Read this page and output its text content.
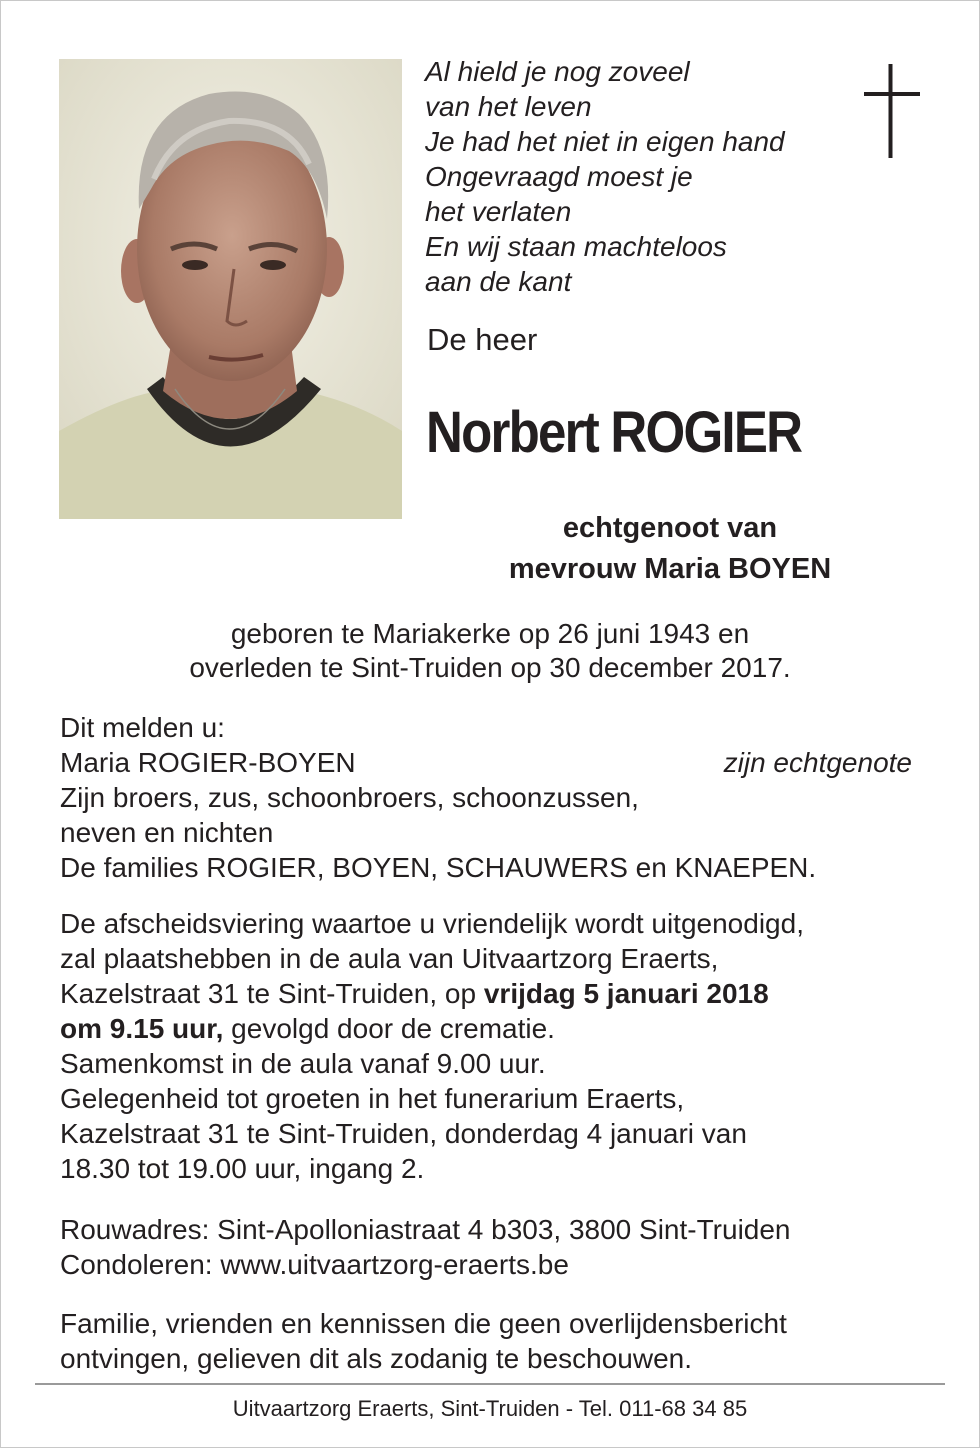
Al hield je nog zoveel
van het leven
Je had het niet in eigen hand
Ongevraagd moest je
het verlaten
En wij staan machteloos
aan de kant
De heer
Norbert ROGIER
echtgenoot van
mevrouw Maria BOYEN
geboren te Mariakerke op 26 juni 1943 en
overleden te Sint-Truiden op 30 december 2017.
Dit melden u:
Maria ROGIER-BOYEN	zijn echtgenote
Zijn broers, zus, schoonbroers, schoonzussen,
neven en nichten
De families ROGIER, BOYEN, SCHAUWERS en KNAEPEN.
De afscheidsviering waartoe u vriendelijk wordt uitgenodigd,
zal plaatshebben in de aula van Uitvaartzorg Eraerts,
Kazelstraat 31 te Sint-Truiden, op vrijdag 5 januari 2018
om 9.15 uur, gevolgd door de crematie.
Samenkomst in de aula vanaf 9.00 uur.
Gelegenheid tot groeten in het funerarium Eraerts,
Kazelstraat 31 te Sint-Truiden, donderdag 4 januari van
18.30 tot 19.00 uur, ingang 2.
Rouwadres: Sint-Apolloniastraat 4 b303, 3800 Sint-Truiden
Condoleren: www.uitvaartzorg-eraerts.be
Familie, vrienden en kennissen die geen overlijdensbericht
ontvingen, gelieven dit als zodanig te beschouwen.
Uitvaartzorg Eraerts, Sint-Truiden - Tel. 011-68 34 85
